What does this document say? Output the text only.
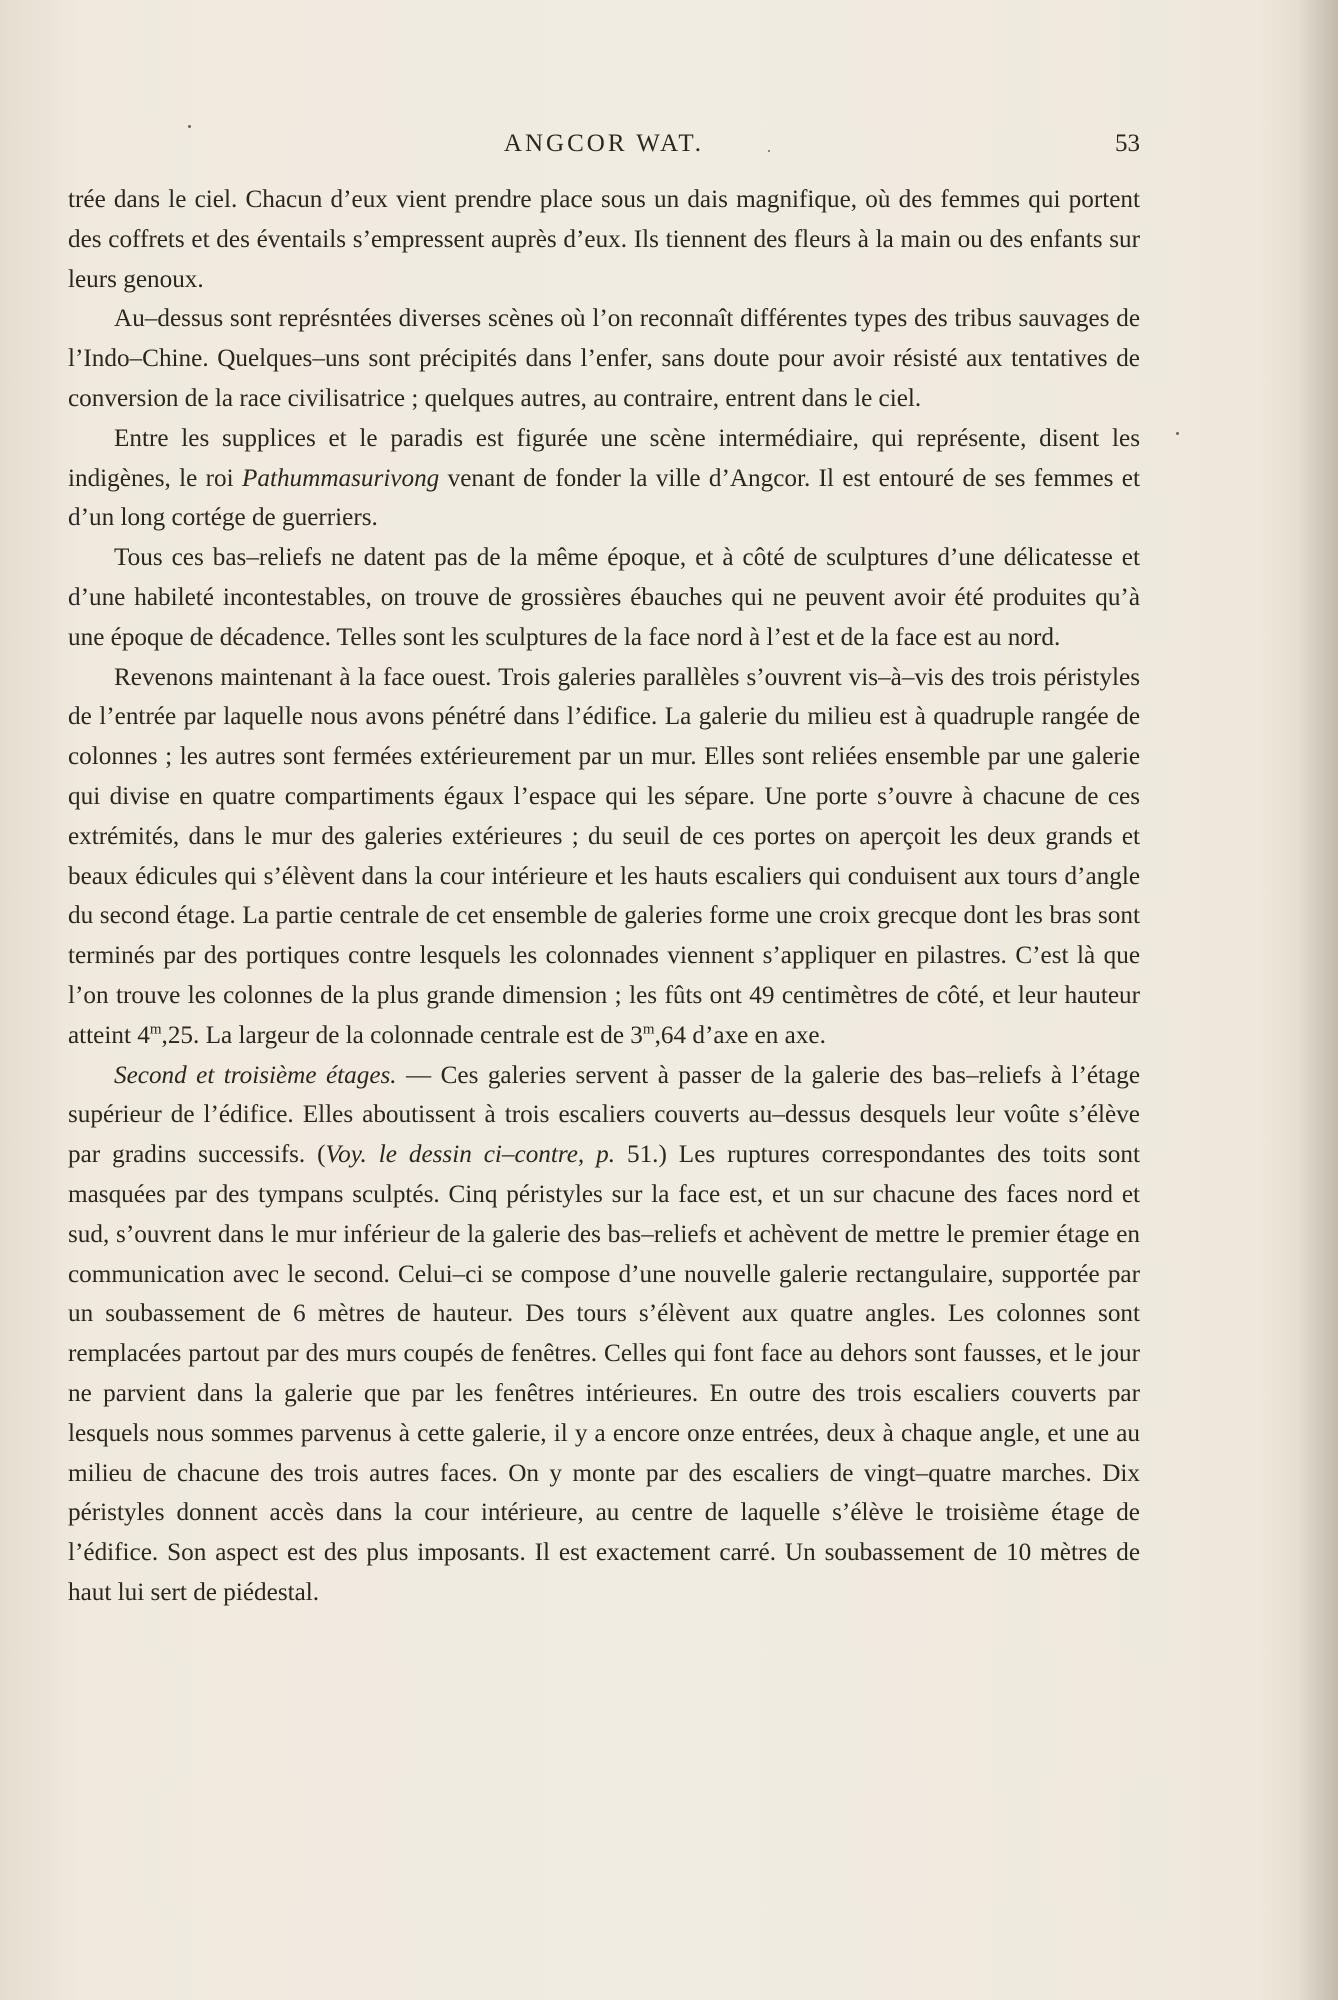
ANGCOR WAT.	53

trée dans le ciel. Chacun d’eux vient prendre place sous un dais magnifique, où des femmes qui portent des coffrets et des éventails s’empressent auprès d’eux. Ils tiennent des fleurs à la main ou des enfants sur leurs genoux.

Au–dessus sont représntées diverses scènes où l’on reconnaît différentes types des tribus sauvages de l’Indo–Chine. Quelques–uns sont précipités dans l’enfer, sans doute pour avoir résisté aux tentatives de conversion de la race civilisatrice ; quelques autres, au contraire, entrent dans le ciel.

Entre les supplices et le paradis est figurée une scène intermédiaire, qui représente, disent les indigènes, le roi Pathummasurivong venant de fonder la ville d’Angcor. Il est entouré de ses femmes et d’un long cortége de guerriers.

Tous ces bas–reliefs ne datent pas de la même époque, et à côté de sculptures d’une délicatesse et d’une habileté incontestables, on trouve de grossières ébauches qui ne peuvent avoir été produites qu’à une époque de décadence. Telles sont les sculptures de la face nord à l’est et de la face est au nord.

Revenons maintenant à la face ouest. Trois galeries parallèles s’ouvrent vis–à–vis des trois péristyles de l’entrée par laquelle nous avons pénétré dans l’édifice. La galerie du milieu est à quadruple rangée de colonnes ; les autres sont fermées extérieurement par un mur. Elles sont reliées ensemble par une galerie qui divise en quatre compartiments égaux l’espace qui les sépare. Une porte s’ouvre à chacune de ces extrémités, dans le mur des galeries extérieures ; du seuil de ces portes on aperçoit les deux grands et beaux édicules qui s’élèvent dans la cour intérieure et les hauts escaliers qui conduisent aux tours d’angle du second étage. La partie centrale de cet ensemble de galeries forme une croix grecque dont les bras sont terminés par des portiques contre lesquels les colonnades viennent s’appliquer en pilastres. C’est là que l’on trouve les colonnes de la plus grande dimension ; les fûts ont 49 centimètres de côté, et leur hauteur atteint 4$^m$,25. La largeur de la colonnade centrale est de 3$^m$,64 d’axe en axe.

Second et troisième étages. — Ces galeries servent à passer de la galerie des bas–reliefs à l’étage supérieur de l’édifice. Elles aboutissent à trois escaliers couverts au–dessus desquels leur voûte s’élève par gradins successifs. (Voy. le dessin ci–contre, p. 51.) Les ruptures correspondantes des toits sont masquées par des tympans sculptés. Cinq péristyles sur la face est, et un sur chacune des faces nord et sud, s’ouvrent dans le mur inférieur de la galerie des bas–reliefs et achèvent de mettre le premier étage en communication avec le second. Celui–ci se compose d’une nouvelle galerie rectangulaire, supportée par un soubassement de 6 mètres de hauteur. Des tours s’élèvent aux quatre angles. Les colonnes sont remplacées partout par des murs coupés de fenêtres. Celles qui font face au dehors sont fausses, et le jour ne parvient dans la galerie que par les fenêtres intérieures. En outre des trois escaliers couverts par lesquels nous sommes parvenus à cette galerie, il y a encore onze entrées, deux à chaque angle, et une au milieu de chacune des trois autres faces. On y monte par des escaliers de vingt–quatre marches. Dix péristyles donnent accès dans la cour intérieure, au centre de laquelle s’élève le troisième étage de l’édifice. Son aspect est des plus imposants. Il est exactement carré. Un soubassement de 10 mètres de haut lui sert de piédestal.
